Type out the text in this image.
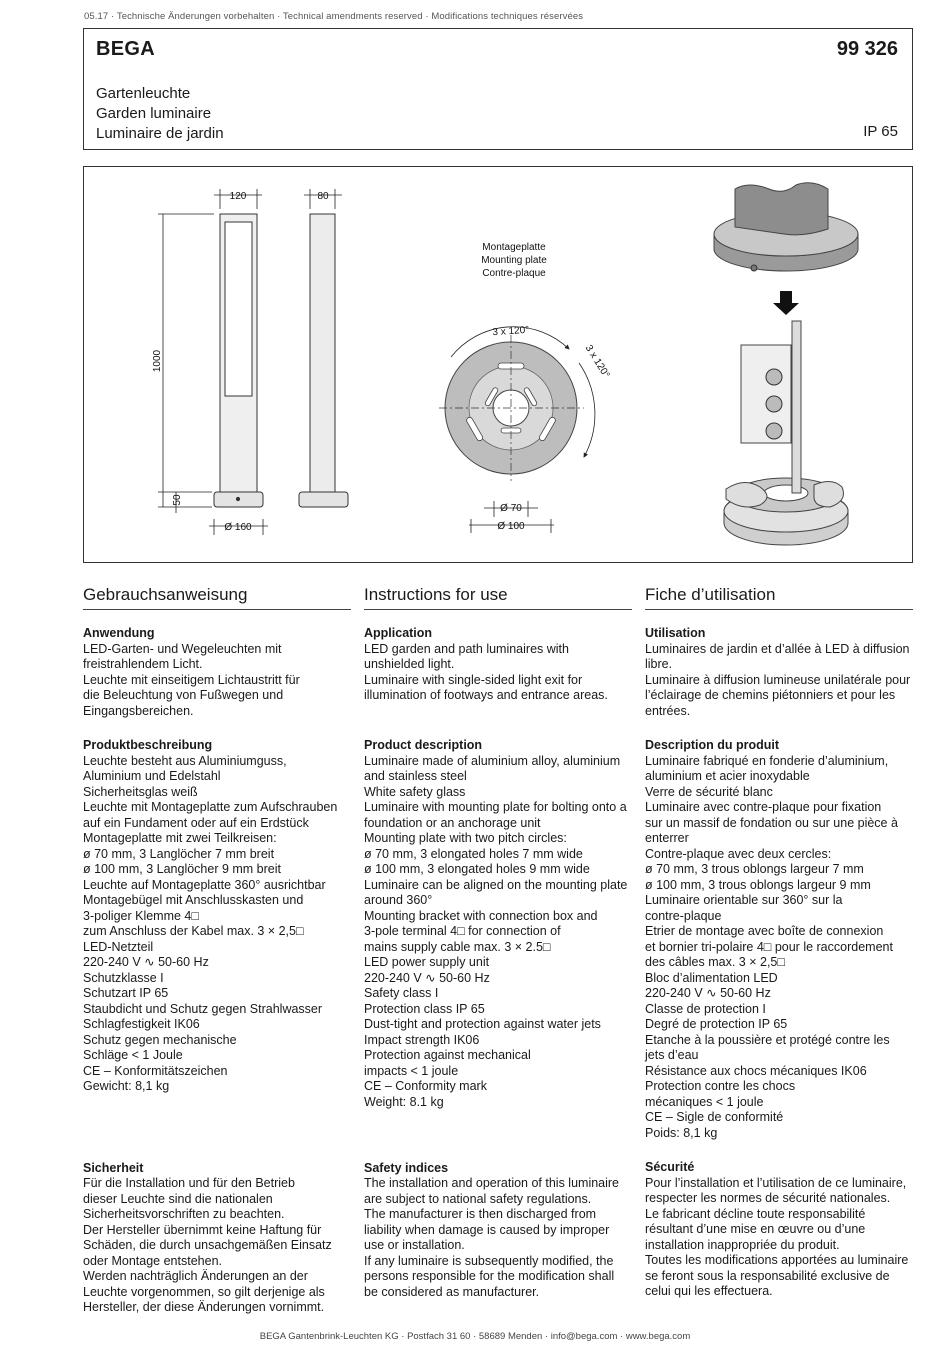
05.17 · Technische Änderungen vorbehalten · Technical amendments reserved · Modifications techniques réservées
BEGA	99 326
Gartenleuchte
Garden luminaire
Luminaire de jardin	IP 65
120	80
1000
50
Ø 160
Montageplatte
Mounting plate
Contre-plaque
3 x 120°
3 x 120°
Ø 70
Ø 100
Gebrauchsanweisung
Anwendung
LED-Garten- und Wegeleuchten mit
freistrahlendem Licht.
Leuchte mit einseitigem Lichtaustritt für
die Beleuchtung von Fußwegen und
Eingangsbereichen.
Produktbeschreibung
Leuchte besteht aus Aluminiumguss,
Aluminium und Edelstahl
Sicherheitsglas weiß
Leuchte mit Montageplatte zum Aufschrauben
auf ein Fundament oder auf ein Erdstück
Montageplatte mit zwei Teilkreisen:
ø 70 mm, 3 Langlöcher 7 mm breit
ø 100 mm, 3 Langlöcher 9 mm breit
Leuchte auf Montageplatte 360° ausrichtbar
Montagebügel mit Anschlusskasten und
3-poliger Klemme 4□
zum Anschluss der Kabel max. 3 × 2,5□
LED-Netzteil
220-240 V ∿ 50-60 Hz
Schutzklasse I
Schutzart IP 65
Staubdicht und Schutz gegen Strahlwasser
Schlagfestigkeit IK06
Schutz gegen mechanische
Schläge < 1 Joule
CE – Konformitätszeichen
Gewicht: 8,1 kg
Sicherheit
Für die Installation und für den Betrieb
dieser Leuchte sind die nationalen
Sicherheitsvorschriften zu beachten.
Der Hersteller übernimmt keine Haftung für
Schäden, die durch unsachgemäßen Einsatz
oder Montage entstehen.
Werden nachträglich Änderungen an der
Leuchte vorgenommen, so gilt derjenige als
Hersteller, der diese Änderungen vornimmt.
Instructions for use
Application
LED garden and path luminaires with
unshielded light.
Luminaire with single-sided light exit for
illumination of footways and entrance areas.
Product description
Luminaire made of aluminium alloy, aluminium
and stainless steel
White safety glass
Luminaire with mounting plate for bolting onto a
foundation or an anchorage unit
Mounting plate with two pitch circles:
ø 70 mm, 3 elongated holes 7 mm wide
ø 100 mm, 3 elongated holes 9 mm wide
Luminaire can be aligned on the mounting plate
around 360°
Mounting bracket with connection box and
3-pole terminal 4□ for connection of
mains supply cable max. 3 × 2.5□
LED power supply unit
220-240 V ∿ 50-60 Hz
Safety class I
Protection class IP 65
Dust-tight and protection against water jets
Impact strength IK06
Protection against mechanical
impacts < 1 joule
CE – Conformity mark
Weight: 8.1 kg
Safety indices
The installation and operation of this luminaire
are subject to national safety regulations.
The manufacturer is then discharged from
liability when damage is caused by improper
use or installation.
If any luminaire is subsequently modified, the
persons responsible for the modification shall
be considered as manufacturer.
Fiche d’utilisation
Utilisation
Luminaires de jardin et d’allée à LED à diffusion
libre.
Luminaire à diffusion lumineuse unilatérale pour
l’éclairage de chemins piétonniers et pour les
entrées.
Description du produit
Luminaire fabriqué en fonderie d’aluminium,
aluminium et acier inoxydable
Verre de sécurité blanc
Luminaire avec contre-plaque pour fixation
sur un massif de fondation ou sur une pièce à
enterrer
Contre-plaque avec deux cercles:
ø 70 mm, 3 trous oblongs largeur 7 mm
ø 100 mm, 3 trous oblongs largeur 9 mm
Luminaire orientable sur 360° sur la
contre-plaque
Etrier de montage avec boîte de connexion
et bornier tri-polaire 4□ pour le raccordement
des câbles max. 3 × 2,5□
Bloc d’alimentation LED
220-240 V ∿ 50-60 Hz
Classe de protection I
Degré de protection IP 65
Etanche à la poussière et protégé contre les
jets d’eau
Résistance aux chocs mécaniques IK06
Protection contre les chocs
mécaniques < 1 joule
CE – Sigle de conformité
Poids: 8,1 kg
Sécurité
Pour l’installation et l’utilisation de ce luminaire,
respecter les normes de sécurité nationales.
Le fabricant décline toute responsabilité
résultant d’une mise en œuvre ou d’une
installation inappropriée du produit.
Toutes les modifications apportées au luminaire
se feront sous la responsabilité exclusive de
celui qui les effectuera.
BEGA Gantenbrink-Leuchten KG · Postfach 31 60 · 58689 Menden · info@bega.com · www.bega.com
